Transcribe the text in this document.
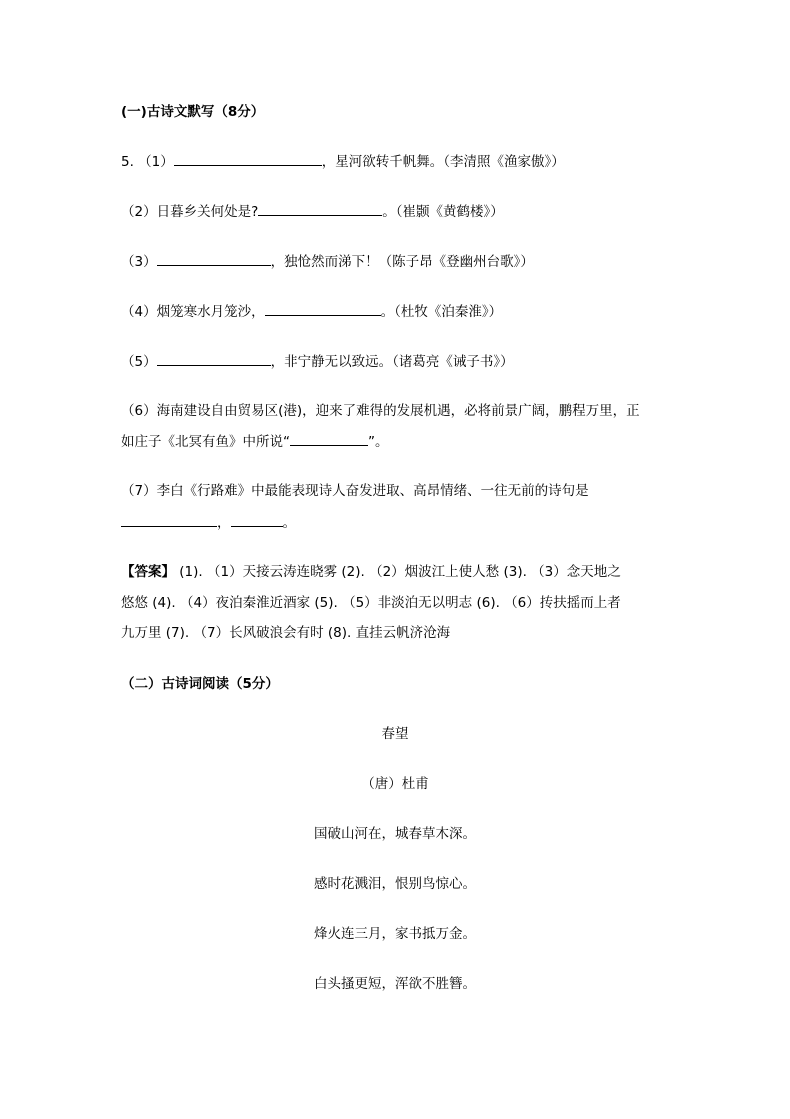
(一)古诗文默写（8分）
5. （1）	，星河欲转千帆舞。（李清照《渔家傲》）
（2）日暮乡关何处是?	。（崔颢《黄鹤楼》）
（3）	，独怆然而涕下！（陈子昂《登幽州台歌》）
（4）烟笼寒水月笼沙，	。（杜牧《泊秦淮》）
（5）	，非宁静无以致远。（诸葛亮《诫子书》）
（6）海南建设自由贸易区(港)，迎来了难得的发展机遇，必将前景广阔，鹏程万里，正
如庄子《北冥有鱼》中所说“	”。
（7）李白《行路难》中最能表现诗人奋发进取、高昂情绪、一往无前的诗句是
，	。
【答案】 (1). （1）天接云涛连晓雾 (2). （2）烟波江上使人愁 (3). （3）念天地之
悠悠 (4). （4）夜泊秦淮近酒家 (5). （5）非淡泊无以明志 (6). （6）抟扶摇而上者
九万里 (7). （7）长风破浪会有时 (8). 直挂云帆济沧海
（二）古诗词阅读（5分）
春望
（唐）杜甫
国破山河在，城春草木深。
感时花溅泪，恨别鸟惊心。
烽火连三月，家书抵万金。
白头搔更短，浑欲不胜簪。
